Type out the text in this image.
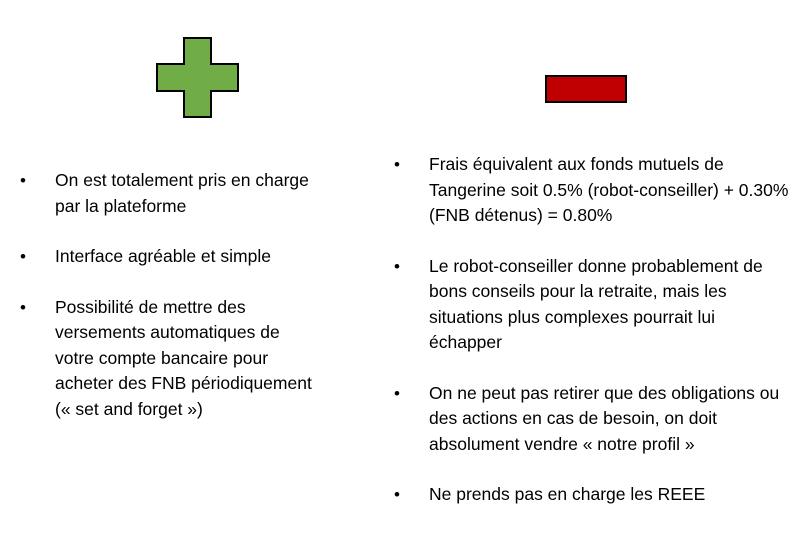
• On est totalement pris en charge par la plateforme
• Interface agréable et simple
• Possibilité de mettre des versements automatiques de votre compte bancaire pour acheter des FNB périodiquement (« set and forget »)
• Frais équivalent aux fonds mutuels de Tangerine soit 0.5% (robot-conseiller) + 0.30% (FNB détenus) = 0.80%
• Le robot-conseiller donne probablement de bons conseils pour la retraite, mais les situations plus complexes pourrait lui échapper
• On ne peut pas retirer que des obligations ou des actions en cas de besoin, on doit absolument vendre « notre profil »
• Ne prends pas en charge les REEE
